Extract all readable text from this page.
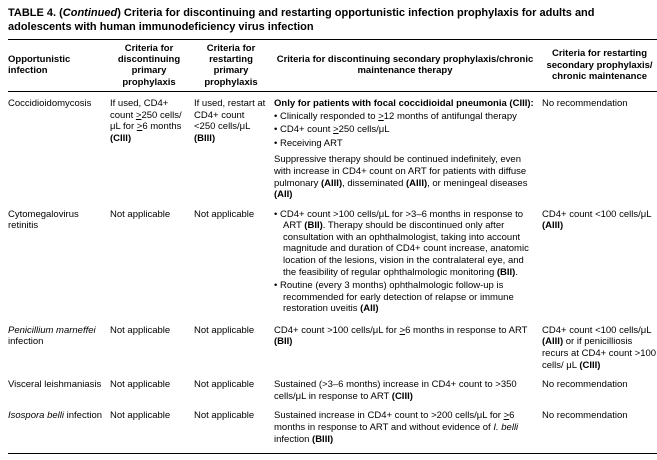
TABLE 4. (Continued) Criteria for discontinuing and restarting opportunistic infection prophylaxis for adults and adolescents with human immunodeficiency virus infection
Opportunistic infection	Criteria for discontinuing primary prophylaxis	Criteria for restarting primary prophylaxis	Criteria for discontinuing secondary prophylaxis/chronic maintenance therapy	Criteria for restarting secondary prophylaxis/ chronic maintenance
Coccidioidomycosis	If used, CD4+ count >250 cells/μL for >6 months (CIII)	If used, restart at CD4+ count <250 cells/μL (BIII)	Only for patients with focal coccidioidal pneumonia (CIII):
• Clinically responded to >12 months of antifungal therapy
• CD4+ count >250 cells/μL
• Receiving ART
Suppressive therapy should be continued indefinitely, even with increase in CD4+ count on ART for patients with diffuse pulmonary (AIII), disseminated (AIII), or meningeal diseases (AII)	No recommendation
Cytomegalovirus retinitis	Not applicable	Not applicable	• CD4+ count >100 cells/μL for >3–6 months in response to ART (BII). Therapy should be discontinued only after consultation with an ophthalmologist, taking into account magnitude and duration of CD4+ count increase, anatomic location of the lesions, vision in the contralateral eye, and the feasibility of regular ophthalmologic monitoring (BII).
• Routine (every 3 months) ophthalmologic follow-up is recommended for early detection of relapse or immune restoration uveitis (AII)	CD4+ count <100 cells/μL (AIII)
Penicillium marneffei infection	Not applicable	Not applicable	CD4+ count >100 cells/μL for >6 months in response to ART (BII)	CD4+ count <100 cells/μL (AIII) or if penicilliosis recurs at CD4+ count >100 cells/ μL (CIII)
Visceral leishmaniasis	Not applicable	Not applicable	Sustained (>3–6 months) increase in CD4+ count to >350 cells/μL in response to ART (CIII)	No recommendation
Isospora belli infection	Not applicable	Not applicable	Sustained increase in CD4+ count to >200 cells/μL for >6 months in response to ART and without evidence of I. belli infection (BIII)	No recommendation
